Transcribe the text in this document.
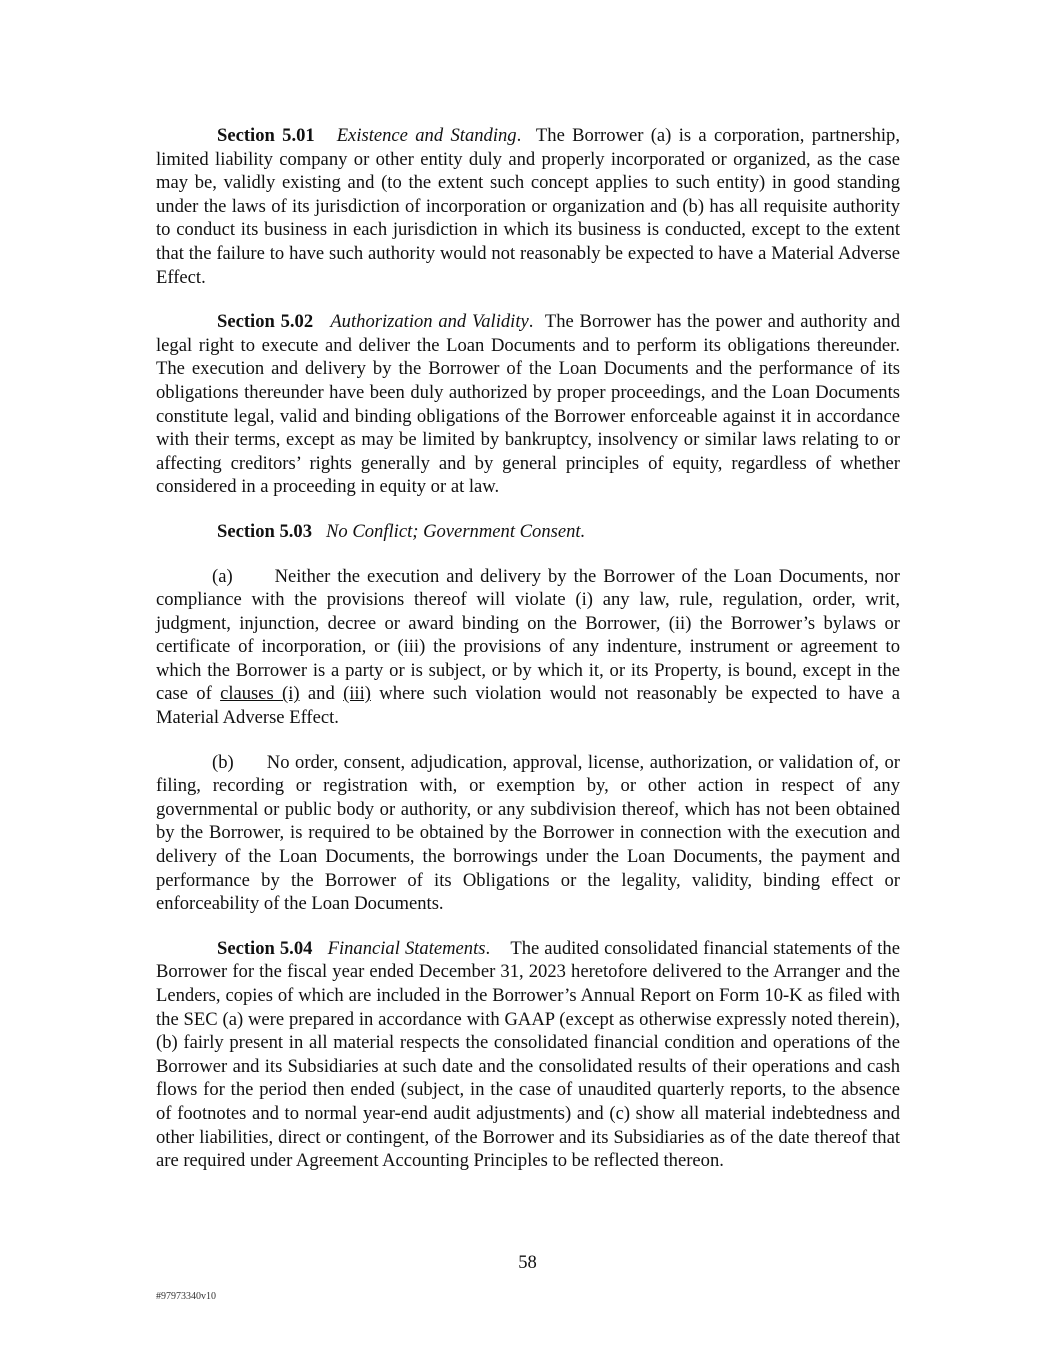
Section 5.01 Existence and Standing.  The Borrower (a) is a corporation, partnership, limited liability company or other entity duly and properly incorporated or organized, as the case may be, validly existing and (to the extent such concept applies to such entity) in good standing under the laws of its jurisdiction of incorporation or organization and (b) has all requisite authority to conduct its business in each jurisdiction in which its business is conducted, except to the extent that the failure to have such authority would not reasonably be expected to have a Material Adverse Effect.

Section 5.02 Authorization and Validity.  The Borrower has the power and authority and legal right to execute and deliver the Loan Documents and to perform its obligations thereunder. The execution and delivery by the Borrower of the Loan Documents and the performance of its obligations thereunder have been duly authorized by proper proceedings, and the Loan Documents constitute legal, valid and binding obligations of the Borrower enforceable against it in accordance with their terms, except as may be limited by bankruptcy, insolvency or similar laws relating to or affecting creditors’ rights generally and by general principles of equity, regardless of whether considered in a proceeding in equity or at law.

Section 5.03 No Conflict; Government Consent.

(a) Neither the execution and delivery by the Borrower of the Loan Documents, nor compliance with the provisions thereof will violate (i) any law, rule, regulation, order, writ, judgment, injunction, decree or award binding on the Borrower, (ii) the Borrower’s bylaws or certificate of incorporation, or (iii) the provisions of any indenture, instrument or agreement to which the Borrower is a party or is subject, or by which it, or its Property, is bound, except in the case of clauses (i) and (iii) where such violation would not reasonably be expected to have a Material Adverse Effect.

(b) No order, consent, adjudication, approval, license, authorization, or validation of, or filing, recording or registration with, or exemption by, or other action in respect of any governmental or public body or authority, or any subdivision thereof, which has not been obtained by the Borrower, is required to be obtained by the Borrower in connection with the execution and delivery of the Loan Documents, the borrowings under the Loan Documents, the payment and performance by the Borrower of its Obligations or the legality, validity, binding effect or enforceability of the Loan Documents.

Section 5.04 Financial Statements.    The audited consolidated financial statements of the Borrower for the fiscal year ended December 31, 2023 heretofore delivered to the Arranger and the Lenders, copies of which are included in the Borrower’s Annual Report on Form 10-K as filed with the SEC (a) were prepared in accordance with GAAP (except as otherwise expressly noted therein), (b) fairly present in all material respects the consolidated financial condition and operations of the Borrower and its Subsidiaries at such date and the consolidated results of their operations and cash flows for the period then ended (subject, in the case of unaudited quarterly reports, to the absence of footnotes and to normal year-end audit adjustments) and (c) show all material indebtedness and other liabilities, direct or contingent, of the Borrower and its Subsidiaries as of the date thereof that are required under Agreement Accounting Principles to be reflected thereon.

58
#97973340v10
